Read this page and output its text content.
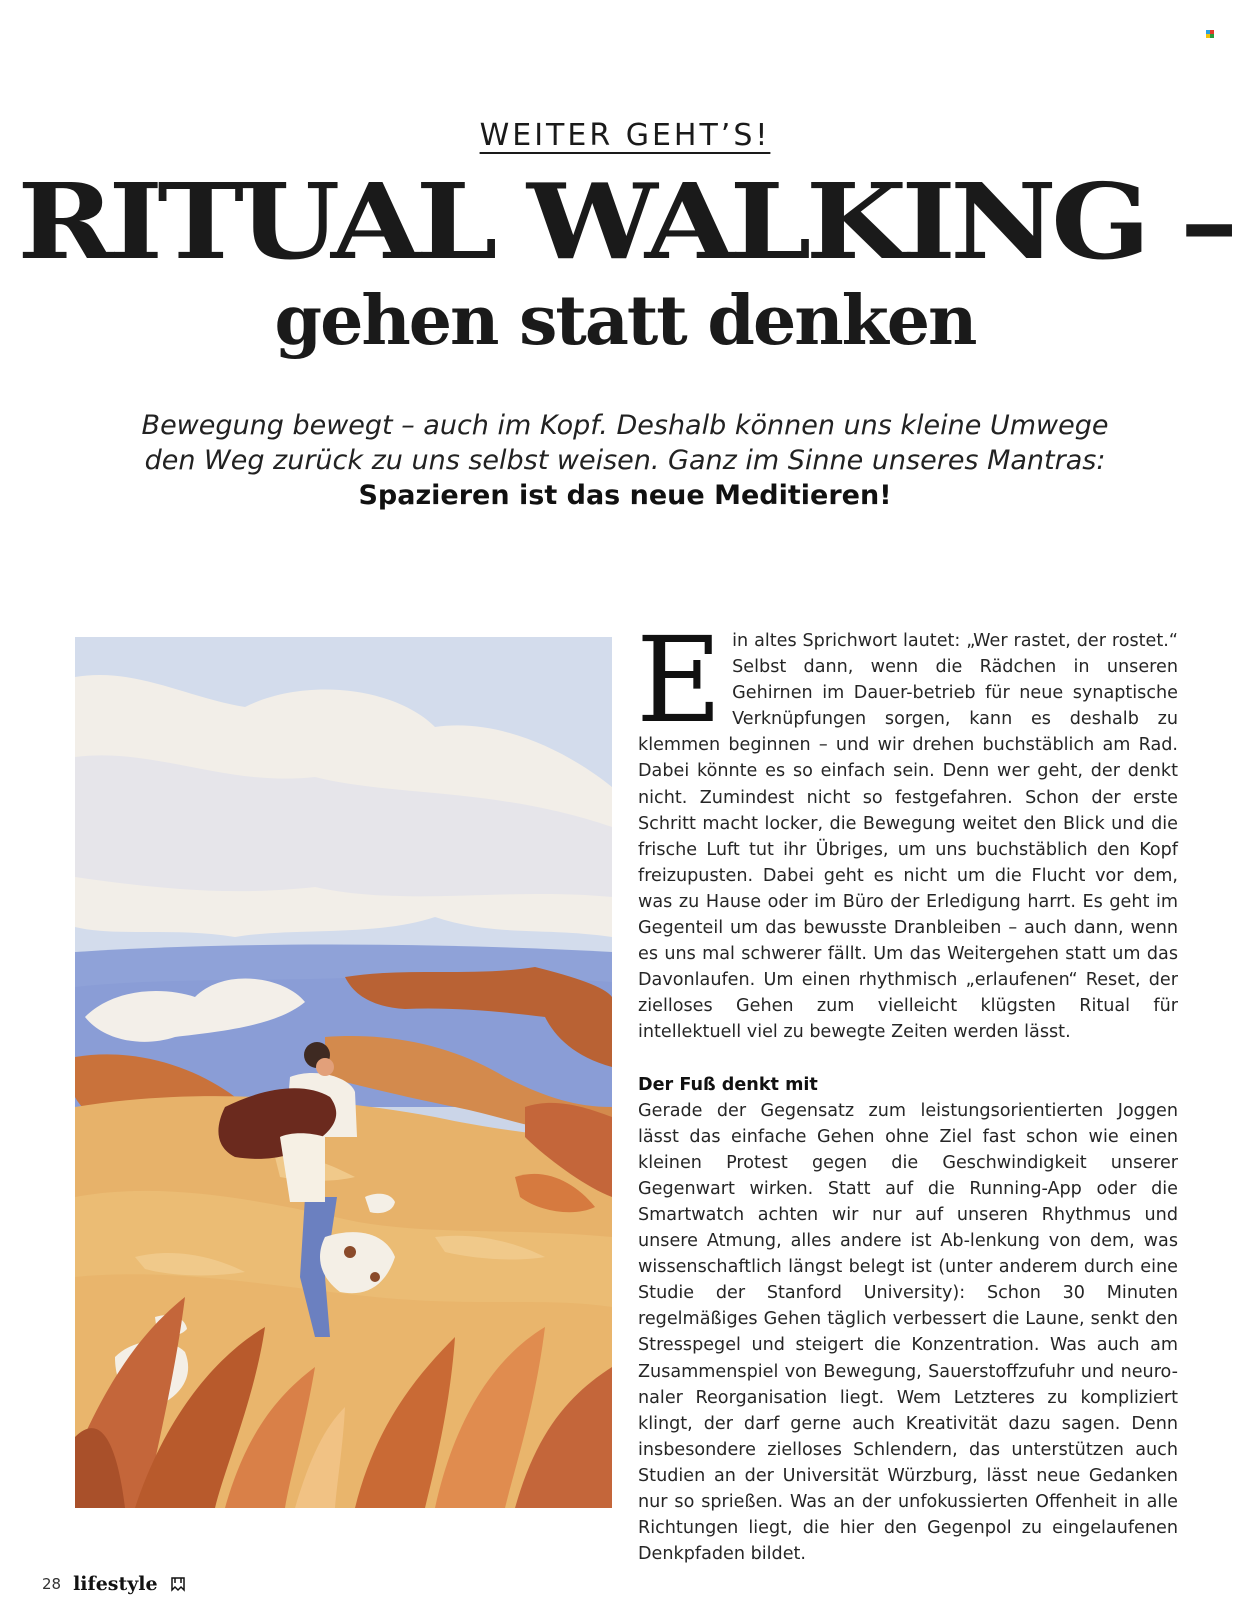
WEITER GEHT’S!
RITUAL WALKING –
gehen statt denken

Bewegung bewegt – auch im Kopf. Deshalb können uns kleine Umwege den Weg zurück zu uns selbst weisen. Ganz im Sinne unseres Mantras: Spazieren ist das neue Meditieren!

E in altes Sprichwort lautet: „Wer rastet, der rostet.“ Selbst dann, wenn die Rädchen in unseren Gehirnen im Dauer-betrieb für neue synaptische Verknüpfungen sorgen, kann es deshalb zu klemmen beginnen – und wir drehen buchstäblich am Rad. Dabei könnte es so einfach sein. Denn wer geht, der denkt nicht. Zumindest nicht so festgefahren. Schon der erste Schritt macht locker, die Bewegung weitet den Blick und die frische Luft tut ihr Übriges, um uns buchstäblich den Kopf freizupusten. Dabei geht es nicht um die Flucht vor dem, was zu Hause oder im Büro der Erledigung harrt. Es geht im Gegenteil um das bewusste Dranbleiben – auch dann, wenn es uns mal schwerer fällt. Um das Weitergehen statt um das Davonlaufen. Um einen rhythmisch „erlaufenen“ Reset, der zielloses Gehen zum vielleicht klügsten Ritual für intellektuell viel zu bewegte Zeiten werden lässt.
Der Fuß denkt mit
Gerade der Gegensatz zum leistungsorientierten Joggen lässt das einfache Gehen ohne Ziel fast schon wie einen kleinen Protest gegen die Geschwindigkeit unserer Gegenwart wirken. Statt auf die Running-App oder die Smartwatch achten wir nur auf unseren Rhythmus und unsere Atmung, alles andere ist Ab-lenkung von dem, was wissenschaftlich längst belegt ist (unter anderem durch eine Studie der Stanford University): Schon 30 Minuten regelmäßiges Gehen täglich verbessert die Laune, senkt den Stresspegel und steigert die Konzentration. Was auch am Zusammenspiel von Bewegung, Sauerstoffzufuhr und neuro-naler Reorganisation liegt. Wem Letzteres zu kompliziert klingt, der darf gerne auch Kreativität dazu sagen. Denn insbesondere zielloses Schlendern, das unterstützen auch Studien an der Universität Würzburg, lässt neue Gedanken nur so sprießen. Was an der unfokussierten Offenheit in alle Richtungen liegt, die hier den Gegenpol zu eingelaufenen Denkpfaden bildet.
28 lifestyle
